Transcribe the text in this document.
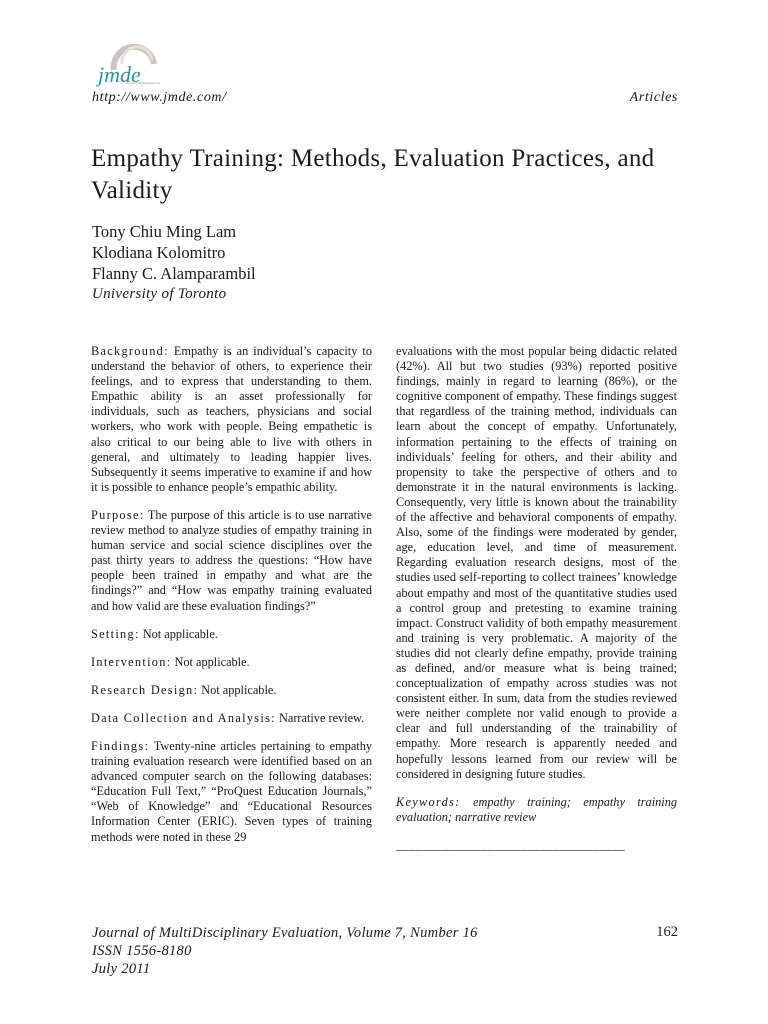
jmde
Journal of MultiDisciplinary Ev
http://www.jmde.com/	Articles
Empathy Training: Methods, Evaluation Practices, and Validity
Tony Chiu Ming Lam
Klodiana Kolomitro
Flanny C. Alamparambil
University of Toronto

Background: Empathy is an individual’s capacity to understand the behavior of others, to experience their feelings, and to express that understanding to them. Empathic ability is an asset professionally for individuals, such as teachers, physicians and social workers, who work with people. Being empathetic is also critical to our being able to live with others in general, and ultimately to leading happier lives. Subsequently it seems imperative to examine if and how it is possible to enhance people’s empathic ability.

Purpose: The purpose of this article is to use narrative review method to analyze studies of empathy training in human service and social science disciplines over the past thirty years to address the questions: “How have people been trained in empathy and what are the findings?” and “How was empathy training evaluated and how valid are these evaluation findings?”

Setting: Not applicable.

Intervention: Not applicable.

Research Design: Not applicable.

Data Collection and Analysis: Narrative review.

Findings: Twenty-nine articles pertaining to empathy training evaluation research were identified based on an advanced computer search on the following databases: “Education Full Text,” “ProQuest Education Journals,” “Web of Knowledge” and “Educational Resources Information Center (ERIC). Seven types of training methods were noted in these 29

evaluations with the most popular being didactic related (42%). All but two studies (93%) reported positive findings, mainly in regard to learning (86%), or the cognitive component of empathy. These findings suggest that regardless of the training method, individuals can learn about the concept of empathy. Unfortunately, information pertaining to the effects of training on individuals’ feeling for others, and their ability and propensity to take the perspective of others and to demonstrate it in the natural environments is lacking. Consequently, very little is known about the trainability of the affective and behavioral components of empathy. Also, some of the findings were moderated by gender, age, education level, and time of measurement. Regarding evaluation research designs, most of the studies used self-reporting to collect trainees’ knowledge about empathy and most of the quantitative studies used a control group and pretesting to examine training impact. Construct validity of both empathy measurement and training is very problematic. A majority of the studies did not clearly define empathy, provide training as defined, and/or measure what is being trained; conceptualization of empathy across studies was not consistent either. In sum, data from the studies reviewed were neither complete nor valid enough to provide a clear and full understanding of the trainability of empathy. More research is apparently needed and hopefully lessons learned from our review will be considered in designing future studies.

Keywords: empathy training; empathy training evaluation; narrative review

___________________________________
Journal of MultiDisciplinary Evaluation, Volume 7, Number 16
ISSN 1556-8180
July 2011
162
